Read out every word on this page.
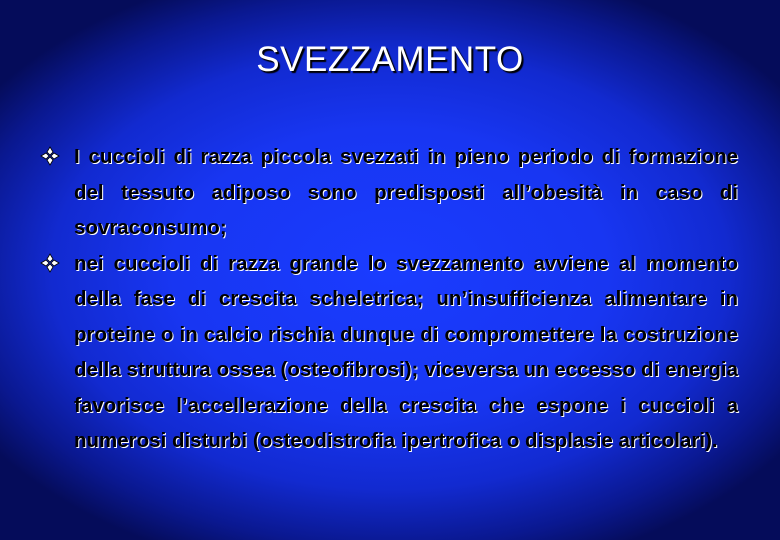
SVEZZAMENTO
I cuccioli di razza piccola svezzati in pieno periodo di formazione del tessuto adiposo sono predisposti all’obesità in caso di sovraconsumo;
nei cuccioli di razza grande lo svezzamento avviene al momento della fase di crescita scheletrica; un’insufficienza alimentare in proteine o in calcio rischia dunque di compromettere la costruzione della struttura ossea (osteofibrosi); viceversa un eccesso di energia favorisce l’accellerazione della crescita che espone i cuccioli a numerosi disturbi (osteodistrofia ipertrofica o displasie articolari).
